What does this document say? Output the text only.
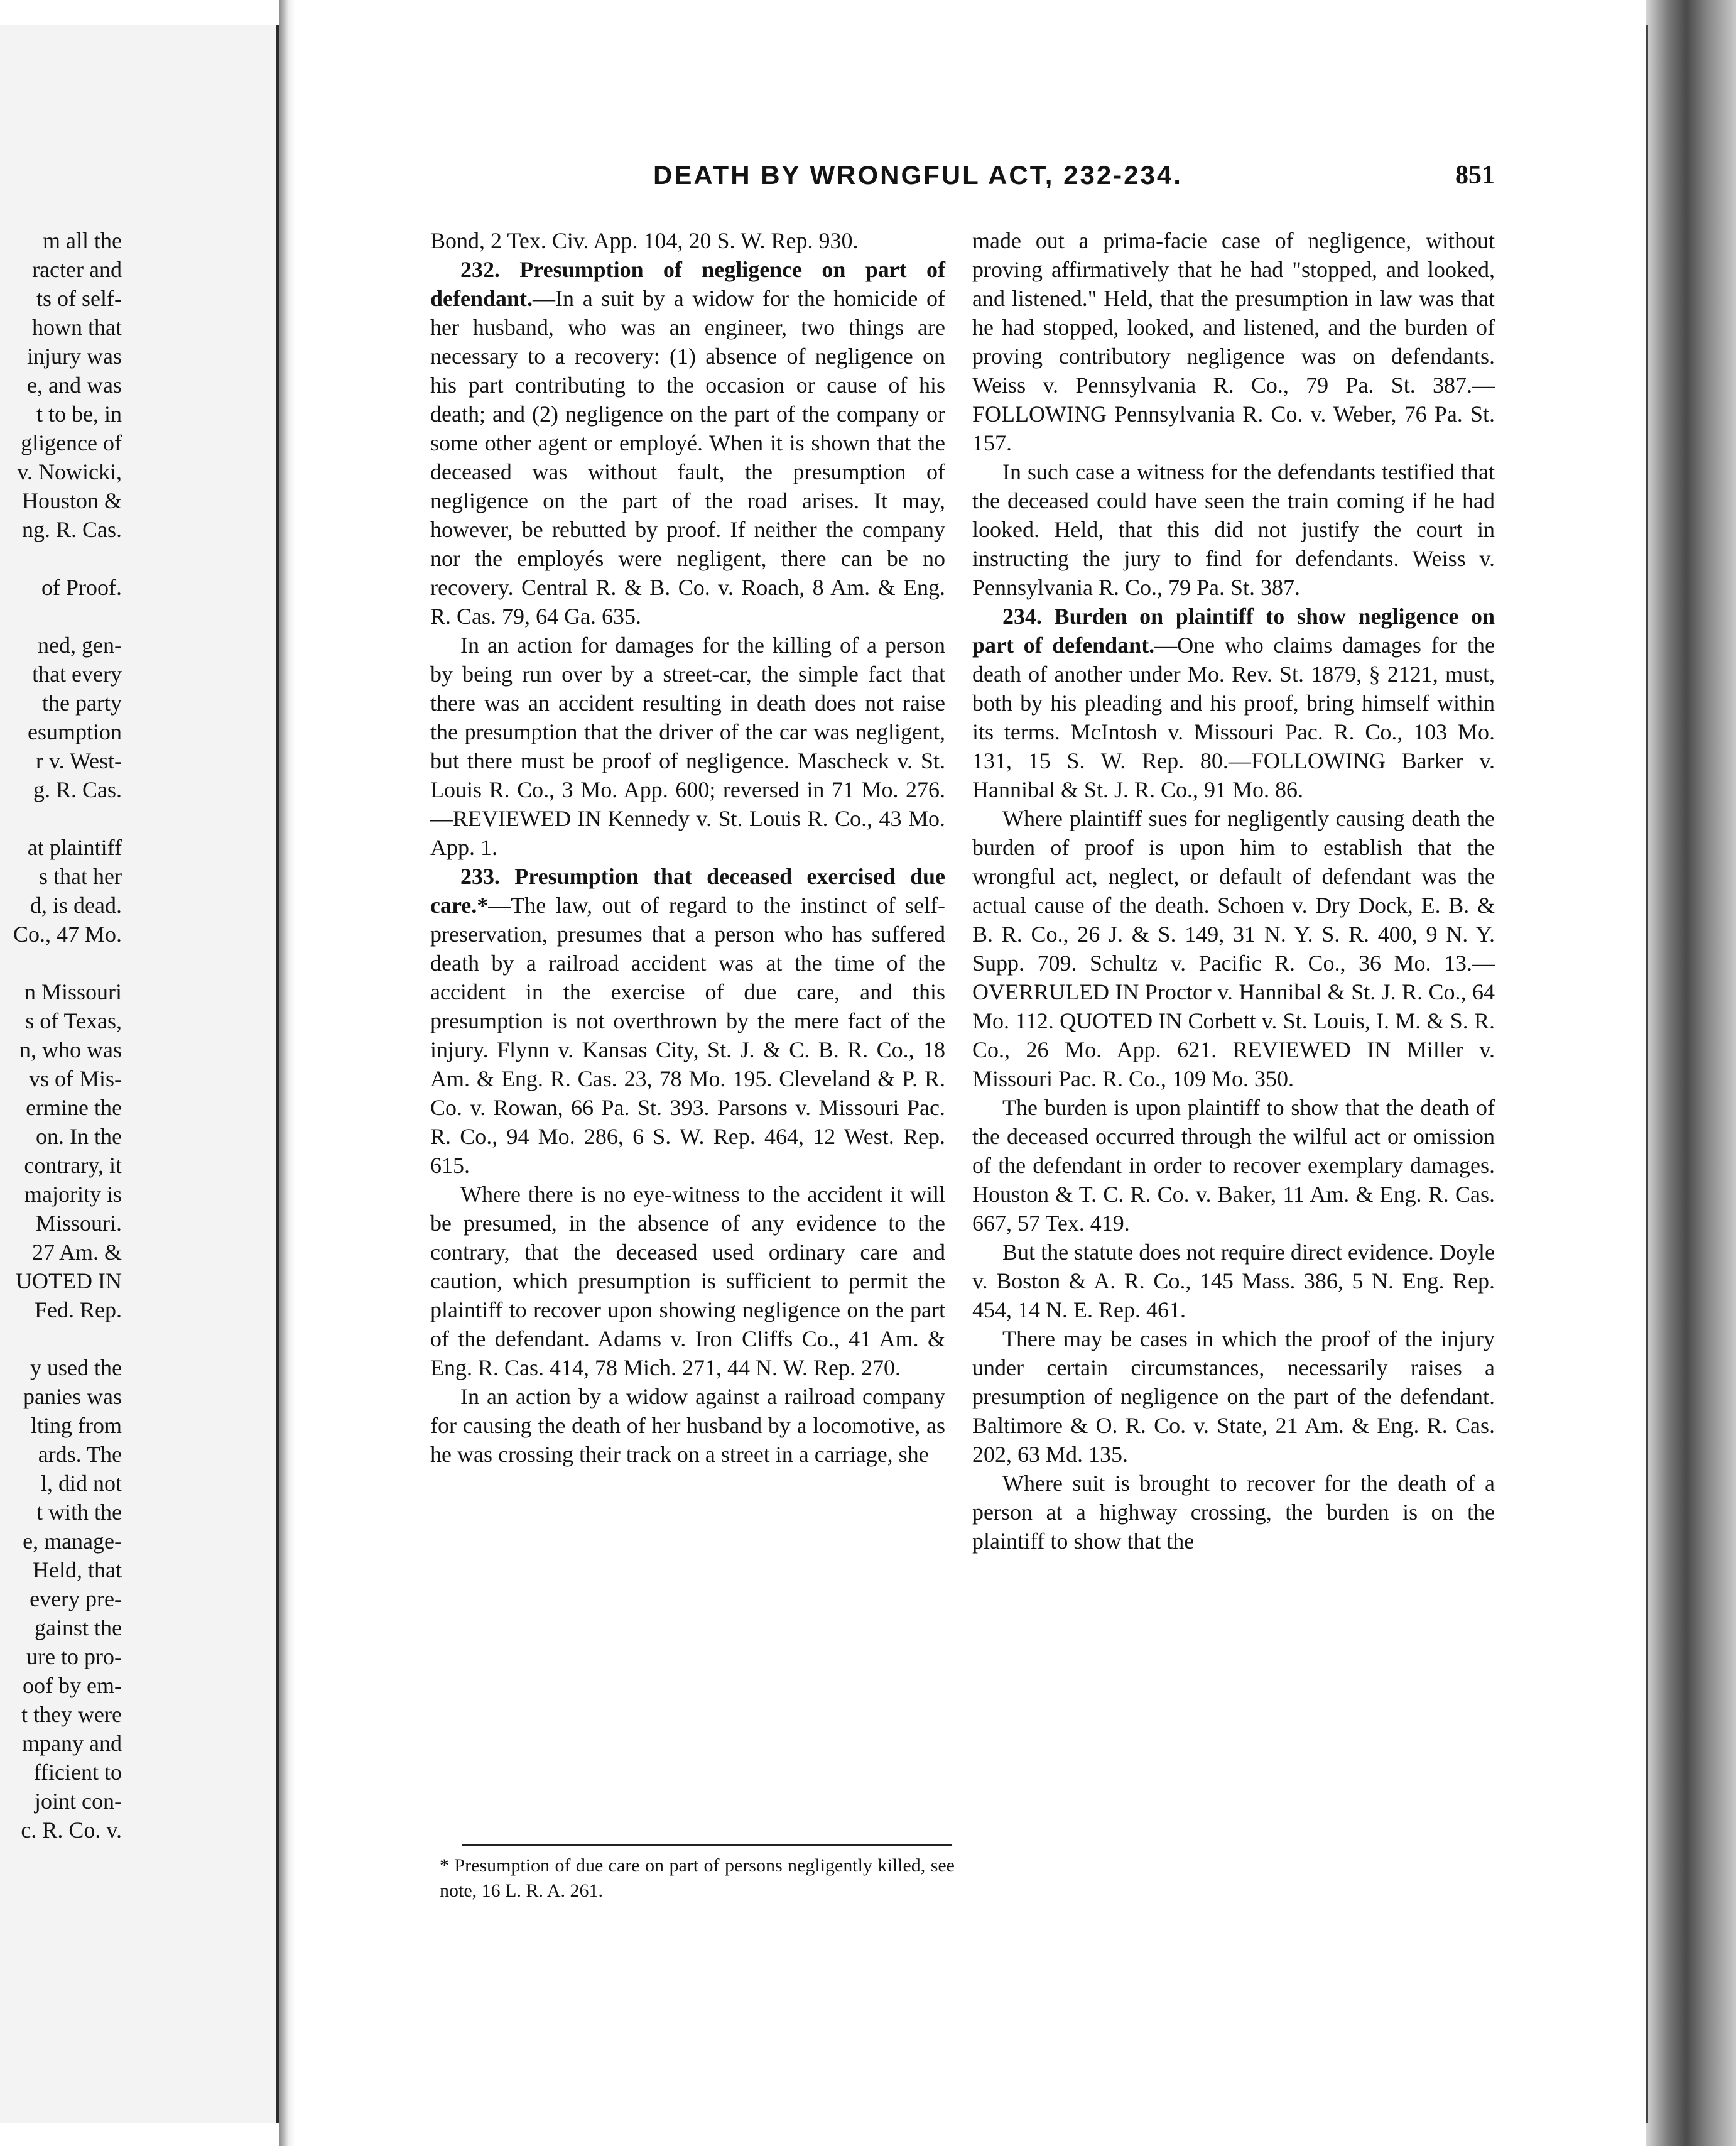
m all the
racter and
ts of self-
hown that
injury was
e, and was
t to be, in
gligence of
v. Nowicki,
Houston &
ng. R. Cas.
of Proof.
ned, gen-
that every
the party
esumption
r v. West-
g. R. Cas.
at plaintiff
s that her
d, is dead.
Co., 47 Mo.
n Missouri
s of Texas,
n, who was
vs of Mis-
ermine the
on. In the
contrary, it
majority is
Missouri.
27 Am. &
UOTED IN
Fed. Rep.
y used the
panies was
lting from
ards. The
l, did not
t with the
e, manage-
Held, that
every pre-
gainst the
ure to pro-
oof by em-
t they were
mpany and
fficient to
joint con-
c. R. Co. v.
DEATH BY WRONGFUL ACT, 232-234.	851

Bond, 2 Tex. Civ. App. 104, 20 S. W. Rep. 930.

232. Presumption of negligence on part of defendant.—In a suit by a widow for the homicide of her husband, who was an engineer, two things are necessary to a recovery: (1) absence of negligence on his part contributing to the occasion or cause of his death; and (2) negligence on the part of the company or some other agent or employé. When it is shown that the deceased was without fault, the presumption of negligence on the part of the road arises. It may, however, be rebutted by proof. If neither the company nor the employés were negligent, there can be no recovery. Central R. & B. Co. v. Roach, 8 Am. & Eng. R. Cas. 79, 64 Ga. 635.

In an action for damages for the killing of a person by being run over by a street-car, the simple fact that there was an accident resulting in death does not raise the presumption that the driver of the car was negligent, but there must be proof of negligence. Mascheck v. St. Louis R. Co., 3 Mo. App. 600; reversed in 71 Mo. 276.—REVIEWED IN Kennedy v. St. Louis R. Co., 43 Mo. App. 1.

233. Presumption that deceased exercised due care.*—The law, out of regard to the instinct of self-preservation, presumes that a person who has suffered death by a railroad accident was at the time of the accident in the exercise of due care, and this presumption is not overthrown by the mere fact of the injury. Flynn v. Kansas City, St. J. & C. B. R. Co., 18 Am. & Eng. R. Cas. 23, 78 Mo. 195. Cleveland & P. R. Co. v. Rowan, 66 Pa. St. 393. Parsons v. Missouri Pac. R. Co., 94 Mo. 286, 6 S. W. Rep. 464, 12 West. Rep. 615.

Where there is no eye-witness to the accident it will be presumed, in the absence of any evidence to the contrary, that the deceased used ordinary care and caution, which presumption is sufficient to permit the plaintiff to recover upon showing negligence on the part of the defendant. Adams v. Iron Cliffs Co., 41 Am. & Eng. R. Cas. 414, 78 Mich. 271, 44 N. W. Rep. 270.

In an action by a widow against a railroad company for causing the death of her husband by a locomotive, as he was crossing their track on a street in a carriage, she

* Presumption of due care on part of persons negligently killed, see note, 16 L. R. A. 261.

made out a prima-facie case of negligence, without proving affirmatively that he had "stopped, and looked, and listened." Held, that the presumption in law was that he had stopped, looked, and listened, and the burden of proving contributory negligence was on defendants. Weiss v. Pennsylvania R. Co., 79 Pa. St. 387.—FOLLOWING Pennsylvania R. Co. v. Weber, 76 Pa. St. 157.

In such case a witness for the defendants testified that the deceased could have seen the train coming if he had looked. Held, that this did not justify the court in instructing the jury to find for defendants. Weiss v. Pennsylvania R. Co., 79 Pa. St. 387.

234. Burden on plaintiff to show negligence on part of defendant.—One who claims damages for the death of another under Mo. Rev. St. 1879, § 2121, must, both by his pleading and his proof, bring himself within its terms. McIntosh v. Missouri Pac. R. Co., 103 Mo. 131, 15 S. W. Rep. 80.—FOLLOWING Barker v. Hannibal & St. J. R. Co., 91 Mo. 86.

Where plaintiff sues for negligently causing death the burden of proof is upon him to establish that the wrongful act, neglect, or default of defendant was the actual cause of the death. Schoen v. Dry Dock, E. B. & B. R. Co., 26 J. & S. 149, 31 N. Y. S. R. 400, 9 N. Y. Supp. 709. Schultz v. Pacific R. Co., 36 Mo. 13.—OVERRULED IN Proctor v. Hannibal & St. J. R. Co., 64 Mo. 112. QUOTED IN Corbett v. St. Louis, I. M. & S. R. Co., 26 Mo. App. 621. REVIEWED IN Miller v. Missouri Pac. R. Co., 109 Mo. 350.

The burden is upon plaintiff to show that the death of the deceased occurred through the wilful act or omission of the defendant in order to recover exemplary damages. Houston & T. C. R. Co. v. Baker, 11 Am. & Eng. R. Cas. 667, 57 Tex. 419.

But the statute does not require direct evidence. Doyle v. Boston & A. R. Co., 145 Mass. 386, 5 N. Eng. Rep. 454, 14 N. E. Rep. 461.

There may be cases in which the proof of the injury under certain circumstances, necessarily raises a presumption of negligence on the part of the defendant. Baltimore & O. R. Co. v. State, 21 Am. & Eng. R. Cas. 202, 63 Md. 135.

Where suit is brought to recover for the death of a person at a highway crossing, the burden is on the plaintiff to show that the
